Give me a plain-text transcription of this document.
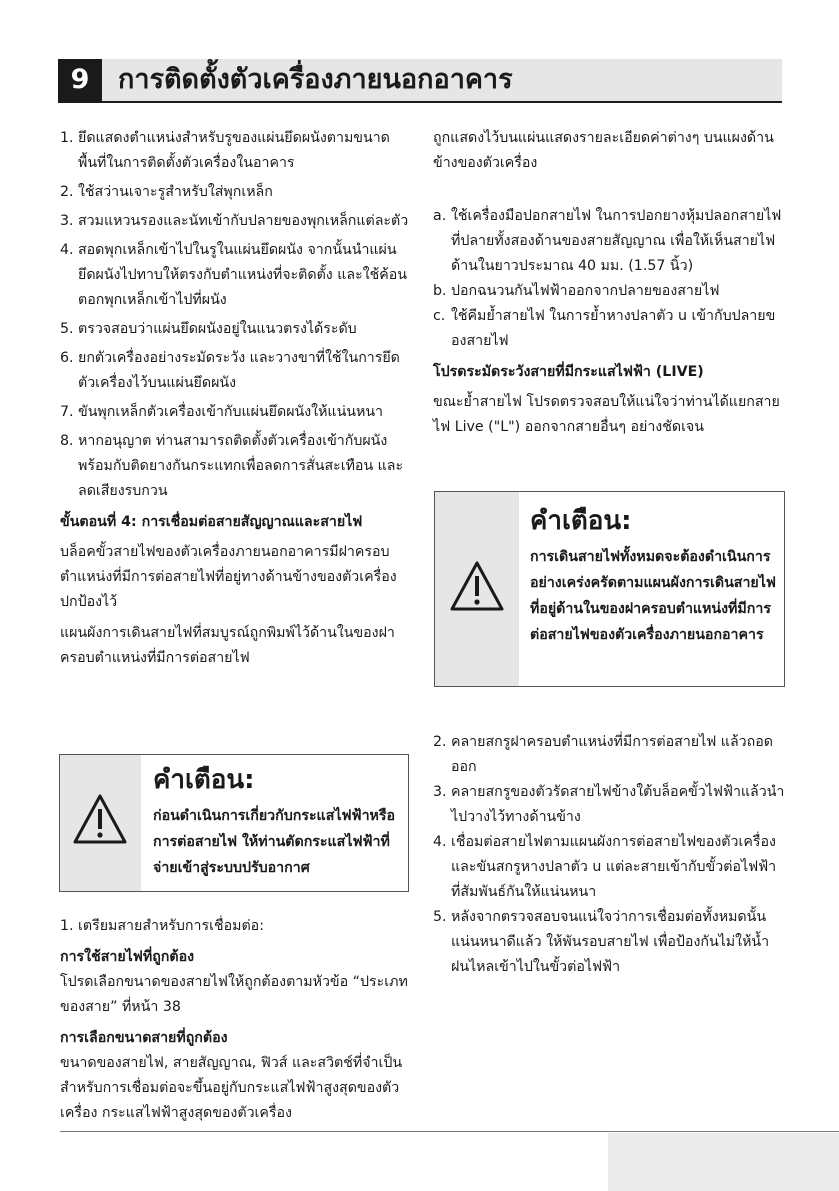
9	การติดตั้งตัวเครื่องภายนอกอาคาร
1. ยึดแสดงตำแหน่งสำหรับรูของแผ่นยึดผนังตามขนาดพื้นที่ในการติดตั้งตัวเครื่องในอาคาร
2. ใช้สว่านเจาะรูสำหรับใส่พุกเหล็ก
3. สวมแหวนรองและนัทเข้ากับปลายของพุกเหล็กแต่ละตัว
4. สอดพุกเหล็กเข้าไปในรูในแผ่นยึดผนัง จากนั้นนำแผ่นยึดผนังไปทาบให้ตรงกับตำแหน่งที่จะติดตั้ง และใช้ค้อนตอกพุกเหล็กเข้าไปที่ผนัง
5. ตรวจสอบว่าแผ่นยึดผนังอยู่ในแนวตรงได้ระดับ
6. ยกตัวเครื่องอย่างระมัดระวัง และวางขาที่ใช้ในการยึดตัวเครื่องไว้บนแผ่นยึดผนัง
7. ขันพุกเหล็กตัวเครื่องเข้ากับแผ่นยึดผนังให้แน่นหนา
8. หากอนุญาต ท่านสามารถติดตั้งตัวเครื่องเข้ากับผนังพร้อมกับติดยางกันกระแทกเพื่อลดการสั่นสะเทือน และลดเสียงรบกวน

ขั้นตอนที่ 4: การเชื่อมต่อสายสัญญาณและสายไฟ

บล็อคขั้วสายไฟของตัวเครื่องภายนอกอาคารมีฝาครอบตำแหน่งที่มีการต่อสายไฟที่อยู่ทางด้านข้างของตัวเครื่องปกป้องไว้

แผนผังการเดินสายไฟที่สมบูรณ์ถูกพิมพ์ไว้ด้านในของฝาครอบตำแหน่งที่มีการต่อสายไฟ

คำเตือน:
ก่อนดำเนินการเกี่ยวกับกระแสไฟฟ้าหรือการต่อสายไฟ ให้ท่านตัดกระแสไฟฟ้าที่จ่ายเข้าสู่ระบบปรับอากาศ

1. เตรียมสายสำหรับการเชื่อมต่อ:

การใช้สายไฟที่ถูกต้อง

โปรดเลือกขนาดของสายไฟให้ถูกต้องตามหัวข้อ “ประเภทของสาย” ที่หน้า 38

การเลือกขนาดสายที่ถูกต้อง

ขนาดของสายไฟ, สายสัญญาณ, ฟิวส์ และสวิตช์ที่จำเป็นสำหรับการเชื่อมต่อจะขึ้นอยู่กับกระแสไฟฟ้าสูงสุดของตัวเครื่อง กระแสไฟฟ้าสูงสุดของตัวเครื่อง

ถูกแสดงไว้บนแผ่นแสดงรายละเอียดค่าต่างๆ บนแผงด้านข้างของตัวเครื่อง

a. ใช้เครื่องมือปอกสายไฟ ในการปอกยางหุ้มปลอกสายไฟที่ปลายทั้งสองด้านของสายสัญญาณ เพื่อให้เห็นสายไฟด้านในยาวประมาณ 40 มม. (1.57 นิ้ว)
b. ปอกฉนวนกันไฟฟ้าออกจากปลายของสายไฟ
c. ใช้คีมย้ำสายไฟ ในการย้ำหางปลาตัว u เข้ากับปลายของสายไฟ

โปรดระมัดระวังสายที่มีกระแสไฟฟ้า (LIVE)

ขณะย้ำสายไฟ โปรดตรวจสอบให้แน่ใจว่าท่านได้แยกสายไฟ Live ("L") ออกจากสายอื่นๆ อย่างชัดเจน

คำเตือน:
การเดินสายไฟทั้งหมดจะต้องดำเนินการอย่างเคร่งครัดตามแผนผังการเดินสายไฟที่อยู่ด้านในของฝาครอบตำแหน่งที่มีการต่อสายไฟของตัวเครื่องภายนอกอาคาร
2. คลายสกรูฝาครอบตำแหน่งที่มีการต่อสายไฟ แล้วถอดออก
3. คลายสกรูของตัวรัดสายไฟข้างใต้บล็อคขั้วไฟฟ้าแล้วนำไปวางไว้ทางด้านข้าง
4. เชื่อมต่อสายไฟตามแผนผังการต่อสายไฟของตัวเครื่อง และขันสกรูหางปลาตัว u แต่ละสายเข้ากับขั้วต่อไฟฟ้าที่สัมพันธ์กันให้แน่นหนา
5. หลังจากตรวจสอบจนแน่ใจว่าการเชื่อมต่อทั้งหมดนั้นแน่นหนาดีแล้ว ให้พันรอบสายไฟ เพื่อป้องกันไม่ให้น้ำฝนไหลเข้าไปในขั้วต่อไฟฟ้า
